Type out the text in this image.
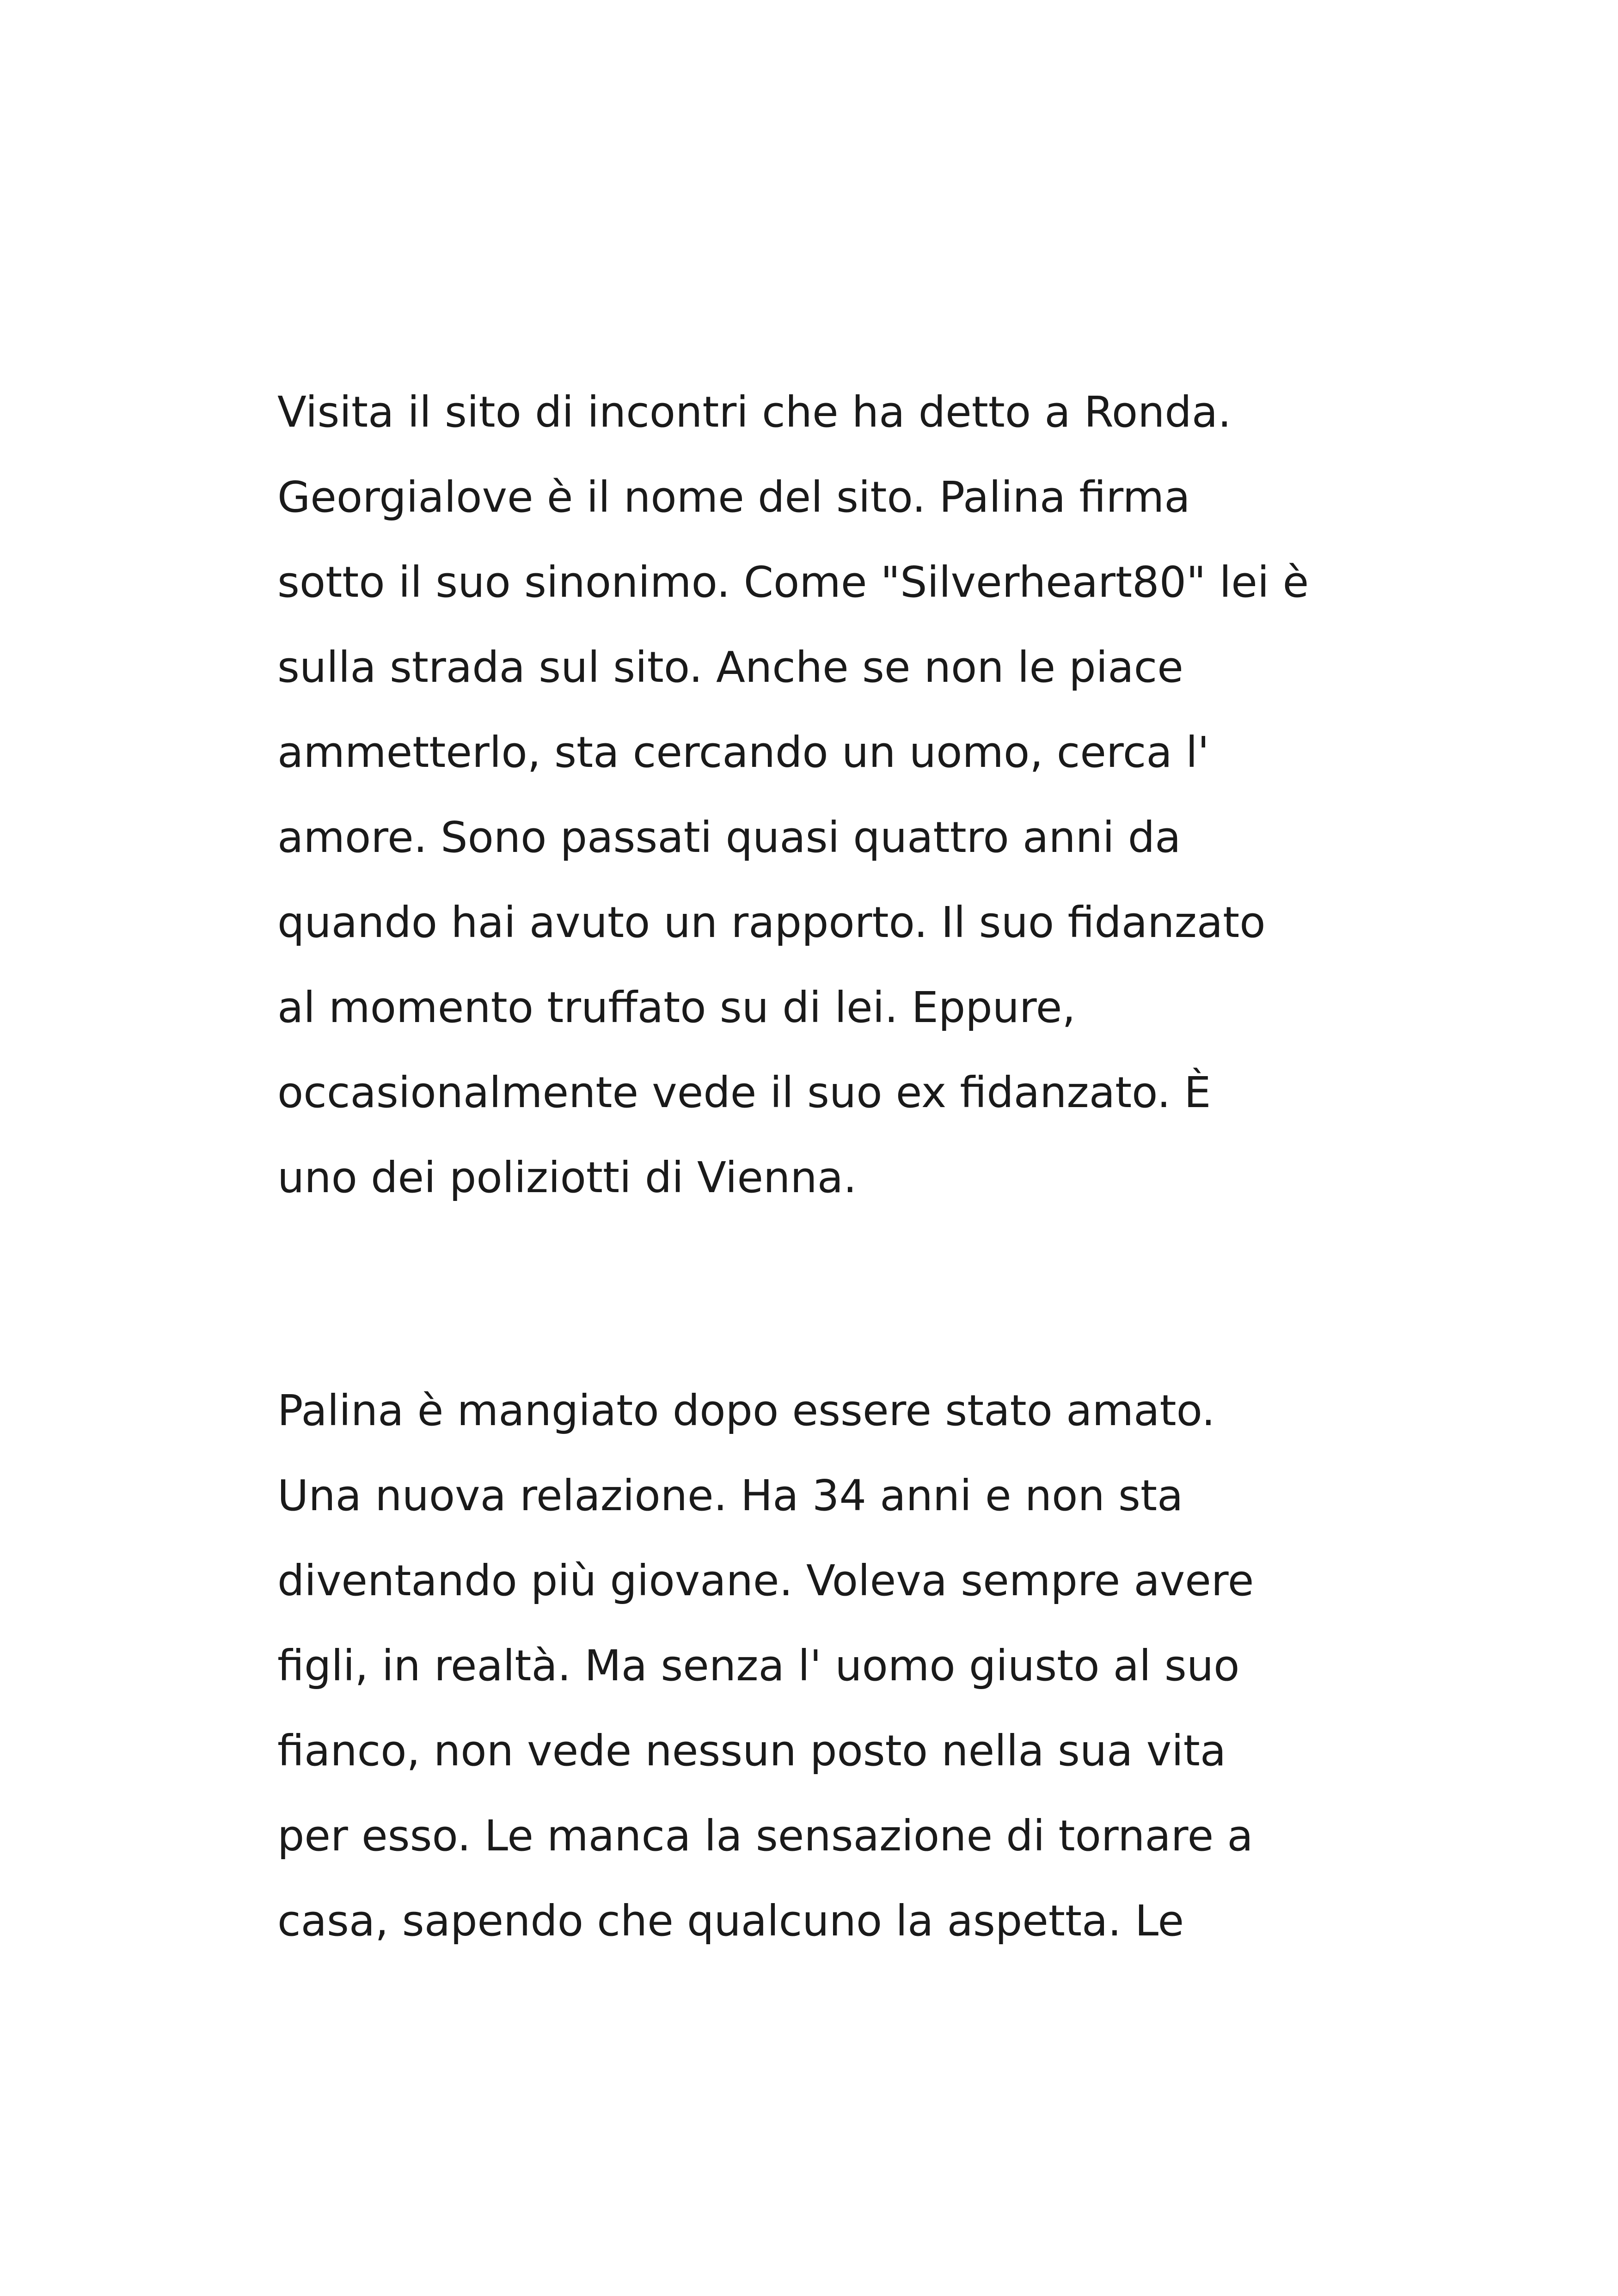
Visita il sito di incontri che ha detto a Ronda.
Georgialove è il nome del sito. Palina firma
sotto il suo sinonimo. Come "Silverheart80" lei è
sulla strada sul sito. Anche se non le piace
ammetterlo, sta cercando un uomo, cerca l'
amore. Sono passati quasi quattro anni da
quando hai avuto un rapporto. Il suo fidanzato
al momento truffato su di lei. Eppure,
occasionalmente vede il suo ex fidanzato. È
uno dei poliziotti di Vienna.

Palina è mangiato dopo essere stato amato.
Una nuova relazione. Ha 34 anni e non sta
diventando più giovane. Voleva sempre avere
figli, in realtà. Ma senza l' uomo giusto al suo
fianco, non vede nessun posto nella sua vita
per esso. Le manca la sensazione di tornare a
casa, sapendo che qualcuno la aspetta. Le
